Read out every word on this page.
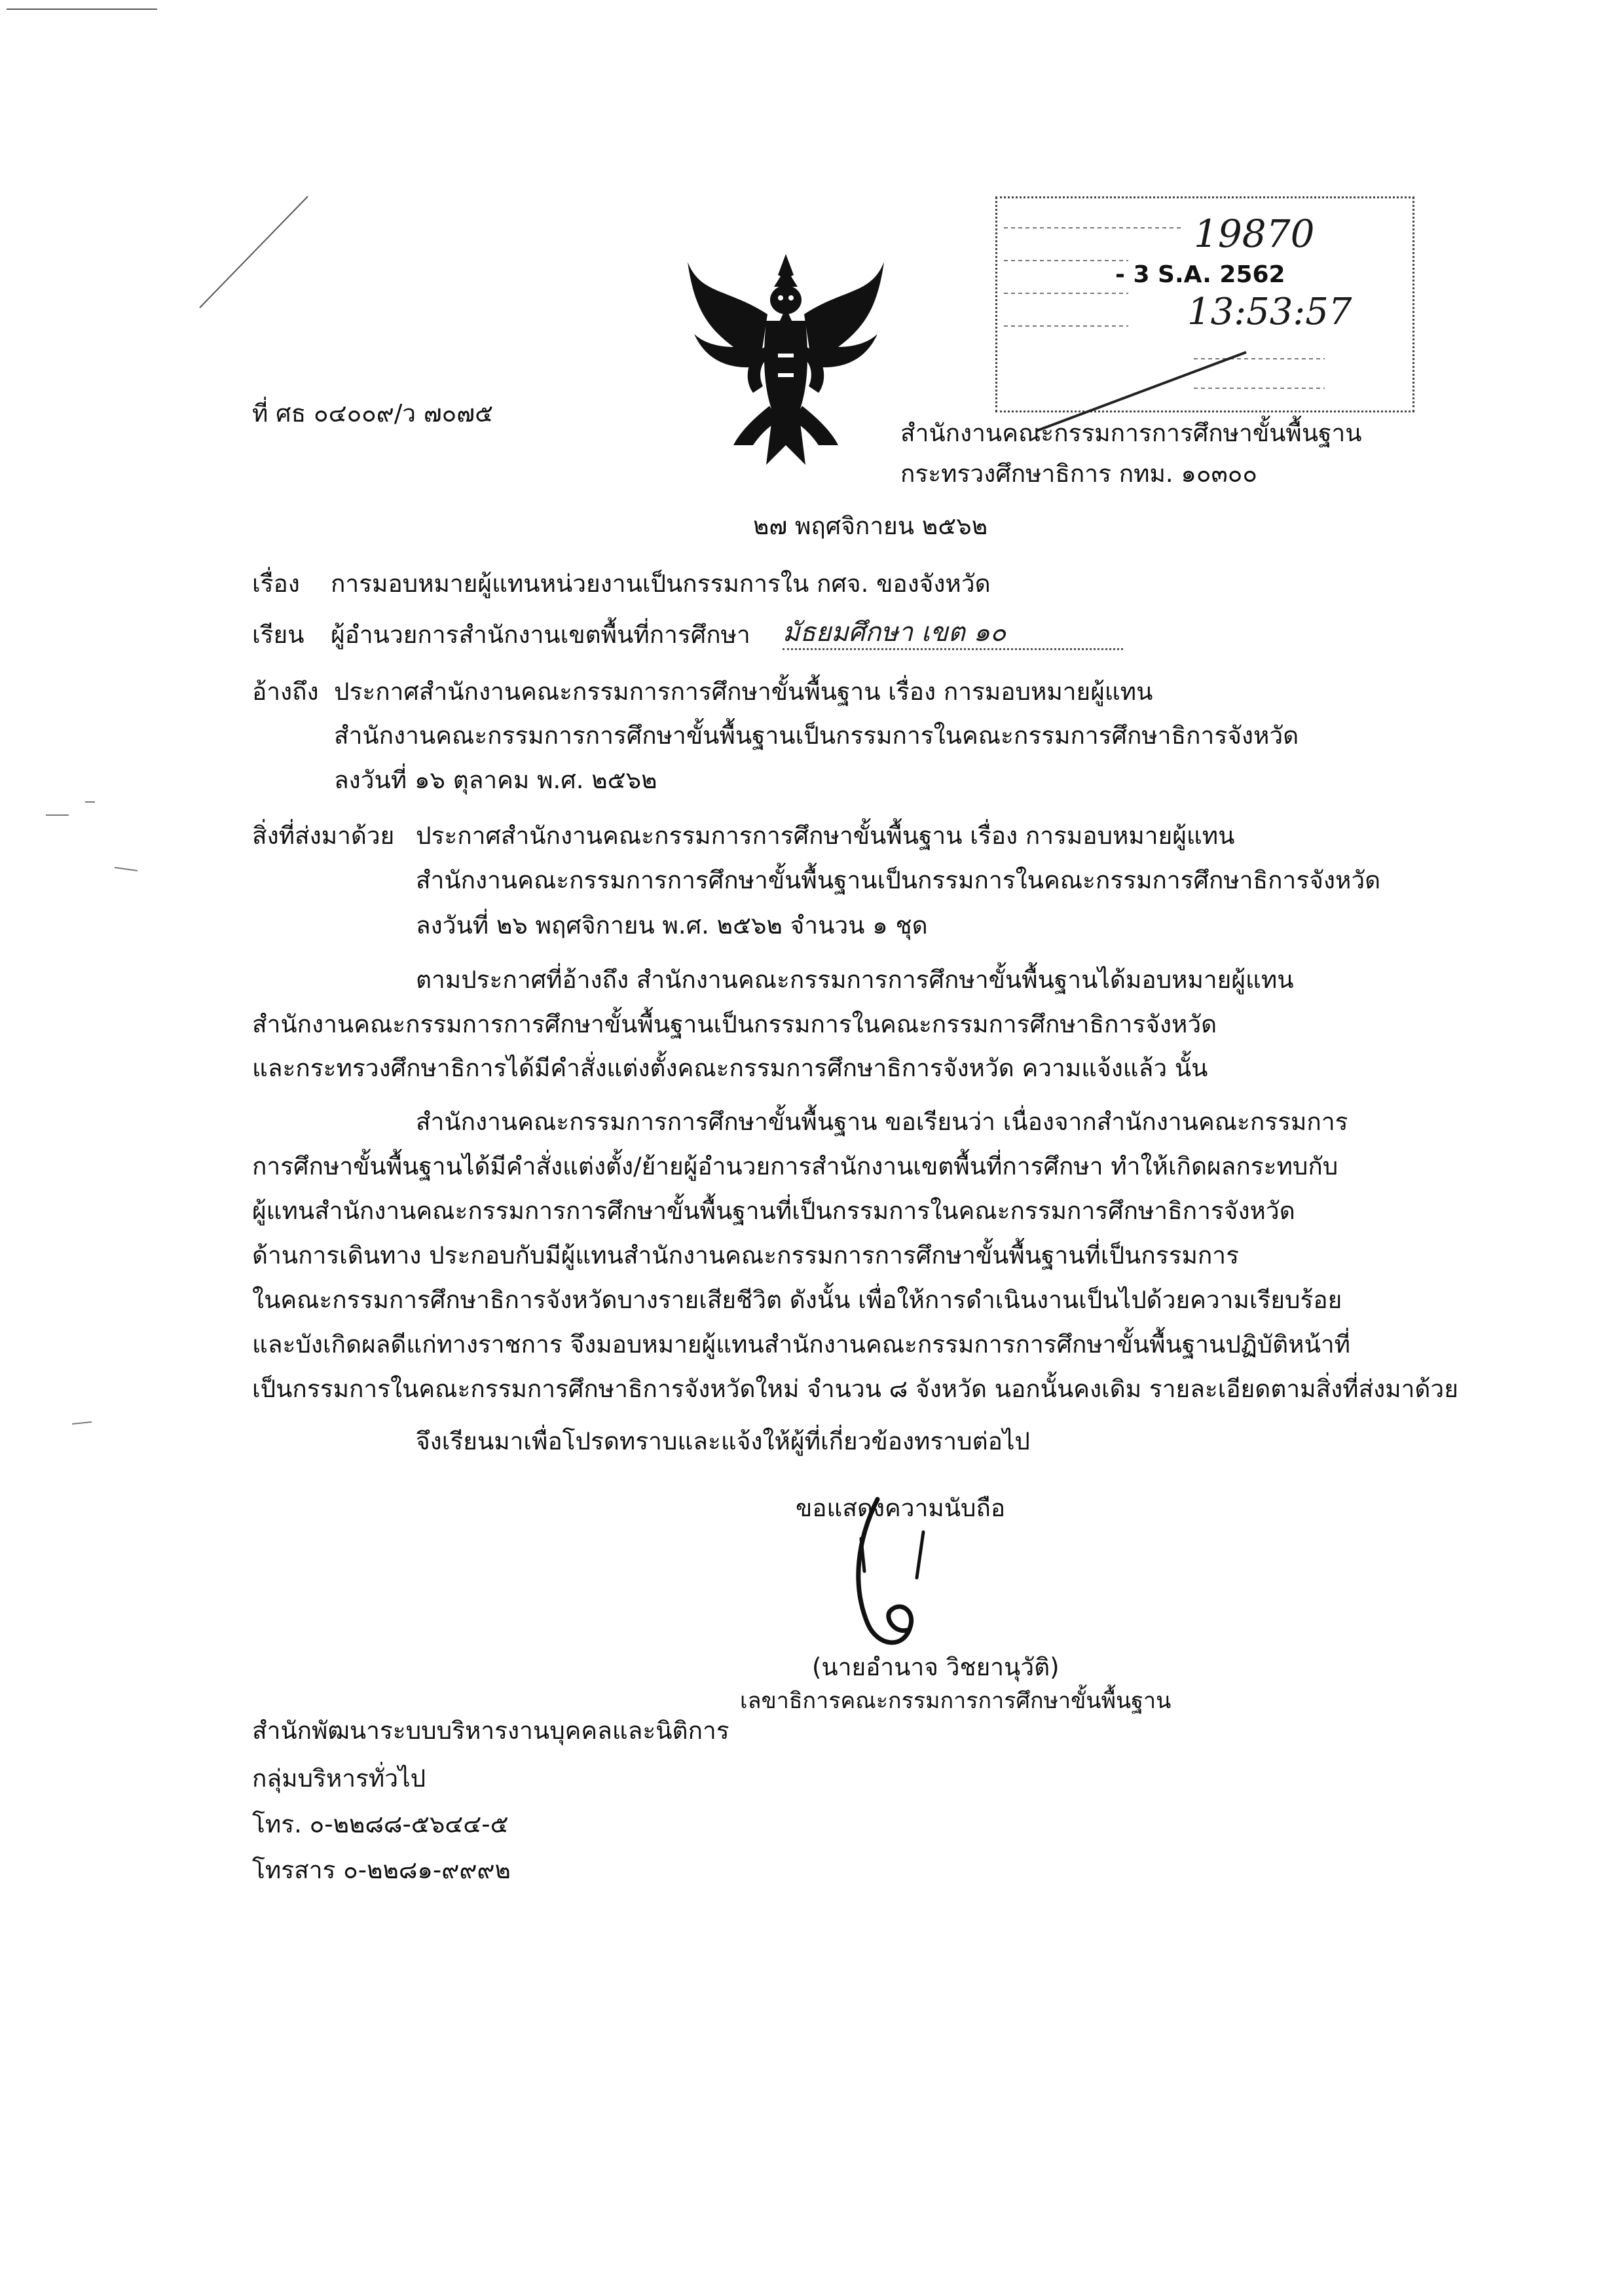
19870
- 3 S.A. 2562
13:53:57
ที่ ศธ ๐๔๐๐๙/ว ๗๐๗๕
สำนักงานคณะกรรมการการศึกษาขั้นพื้นฐาน
กระทรวงศึกษาธิการ กทม. ๑๐๓๐๐
๒๗ พฤศจิกายน ๒๕๖๒
เรื่อง การมอบหมายผู้แทนหน่วยงานเป็นกรรมการใน กศจ. ของจังหวัด
เรียน ผู้อำนวยการสำนักงานเขตพื้นที่การศึกษา มัธยมศึกษา เขต ๑๐
อ้างถึง ประกาศสำนักงานคณะกรรมการการศึกษาขั้นพื้นฐาน เรื่อง การมอบหมายผู้แทน
สำนักงานคณะกรรมการการศึกษาขั้นพื้นฐานเป็นกรรมการในคณะกรรมการศึกษาธิการจังหวัด
ลงวันที่ ๑๖ ตุลาคม พ.ศ. ๒๕๖๒
สิ่งที่ส่งมาด้วย ประกาศสำนักงานคณะกรรมการการศึกษาขั้นพื้นฐาน เรื่อง การมอบหมายผู้แทน
สำนักงานคณะกรรมการการศึกษาขั้นพื้นฐานเป็นกรรมการในคณะกรรมการศึกษาธิการจังหวัด
ลงวันที่ ๒๖ พฤศจิกายน พ.ศ. ๒๕๖๒ จำนวน ๑ ชุด
ตามประกาศที่อ้างถึง สำนักงานคณะกรรมการการศึกษาขั้นพื้นฐานได้มอบหมายผู้แทน
สำนักงานคณะกรรมการการศึกษาขั้นพื้นฐานเป็นกรรมการในคณะกรรมการศึกษาธิการจังหวัด
และกระทรวงศึกษาธิการได้มีคำสั่งแต่งตั้งคณะกรรมการศึกษาธิการจังหวัด ความแจ้งแล้ว นั้น
สำนักงานคณะกรรมการการศึกษาขั้นพื้นฐาน ขอเรียนว่า เนื่องจากสำนักงานคณะกรรมการ
การศึกษาขั้นพื้นฐานได้มีคำสั่งแต่งตั้ง/ย้ายผู้อำนวยการสำนักงานเขตพื้นที่การศึกษา ทำให้เกิดผลกระทบกับ
ผู้แทนสำนักงานคณะกรรมการการศึกษาขั้นพื้นฐานที่เป็นกรรมการในคณะกรรมการศึกษาธิการจังหวัด
ด้านการเดินทาง ประกอบกับมีผู้แทนสำนักงานคณะกรรมการการศึกษาขั้นพื้นฐานที่เป็นกรรมการ
ในคณะกรรมการศึกษาธิการจังหวัดบางรายเสียชีวิต ดังนั้น เพื่อให้การดำเนินงานเป็นไปด้วยความเรียบร้อย
และบังเกิดผลดีแก่ทางราชการ จึงมอบหมายผู้แทนสำนักงานคณะกรรมการการศึกษาขั้นพื้นฐานปฏิบัติหน้าที่
เป็นกรรมการในคณะกรรมการศึกษาธิการจังหวัดใหม่ จำนวน ๘ จังหวัด นอกนั้นคงเดิม รายละเอียดตามสิ่งที่ส่งมาด้วย
จึงเรียนมาเพื่อโปรดทราบและแจ้งให้ผู้ที่เกี่ยวข้องทราบต่อไป
ขอแสดงความนับถือ
(นายอำนาจ วิชยานุวัติ)
เลขาธิการคณะกรรมการการศึกษาขั้นพื้นฐาน
สำนักพัฒนาระบบบริหารงานบุคคลและนิติการ
กลุ่มบริหารทั่วไป
โทร. ๐-๒๒๘๘-๕๖๔๔-๕
โทรสาร ๐-๒๒๘๑-๙๙๙๒
